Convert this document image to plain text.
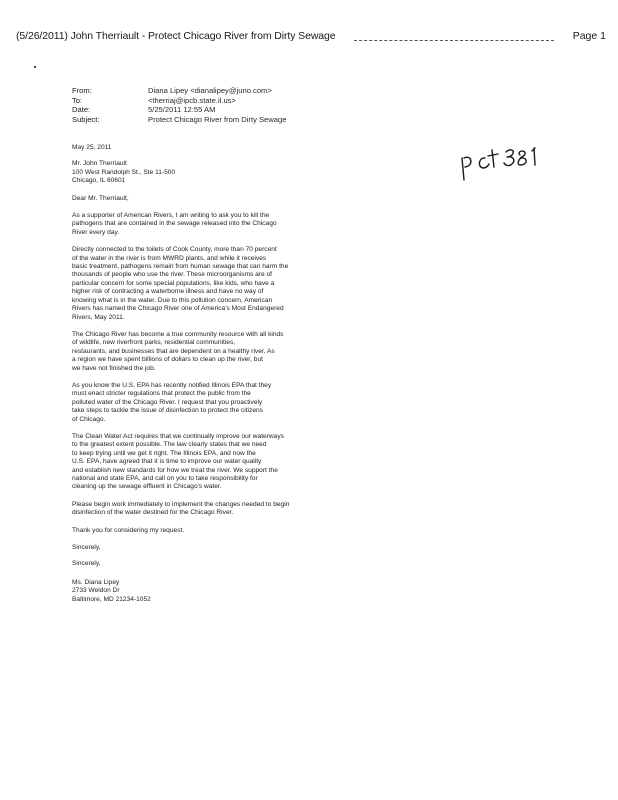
(5/26/2011) John Therriault - Protect Chicago River from Dirty Sewage	Page 1
From:	Diana Lipey <dianalipey@juno.com>
To:	<therriaj@ipcb.state.il.us>
Date:	5/25/2011 12:55 AM
Subject:	Protect Chicago River from Dirty Sewage
pcit 381

May 25, 2011

Mr. John Therriault

100 West Randolph St., Ste 11-500

Chicago, IL 60601

Dear Mr. Therriault,

As a supporter of American Rivers, I am writing to ask you to kill the

pathogens that are contained in the sewage released into the Chicago

River every day.

Directly connected to the toilets of Cook County, more than 70 percent

of the water in the river is from MWRD plants, and while it receives

basic treatment, pathogens remain from human sewage that can harm the

thousands of people who use the river. These microorganisms are of

particular concern for some special populations, like kids, who have a

higher risk of contracting a waterborne illness and have no way of

knowing what is in the water. Due to this pollution concern, American

Rivers has named the Chicago River one of America's Most Endangered

Rivers, May 2011.

The Chicago River has become a true community resource with all kinds

of wildlife, new riverfront parks, residential communities,

restaurants, and businesses that are dependent on a healthy river. As

a region we have spent billions of dollars to clean up the river, but

we have not finished the job.

As you know the U.S. EPA has recently notified Illinois EPA that they

must enact stricter regulations that protect the public from the

polluted water of the Chicago River. I request that you proactively

take steps to tackle the issue of disinfection to protect the citizens

of Chicago.

The Clean Water Act requires that we continually improve our waterways

to the greatest extent possible. The law clearly states that we need

to keep trying until we get it right. The Illinois EPA, and now the

U.S. EPA, have agreed that it is time to improve our water quality

and establish new standards for how we treat the river. We support the

national and state EPA, and call on you to take responsibility for

cleaning up the sewage effluent in Chicago's water.

Please begin work immediately to implement the changes needed to begin

disinfection of the water destined for the Chicago River.

Thank you for considering my request.

Sincerely,

Sincerely,

Ms. Diana Lipey

2733 Weldon Dr

Baltimore, MD 21234-1052
